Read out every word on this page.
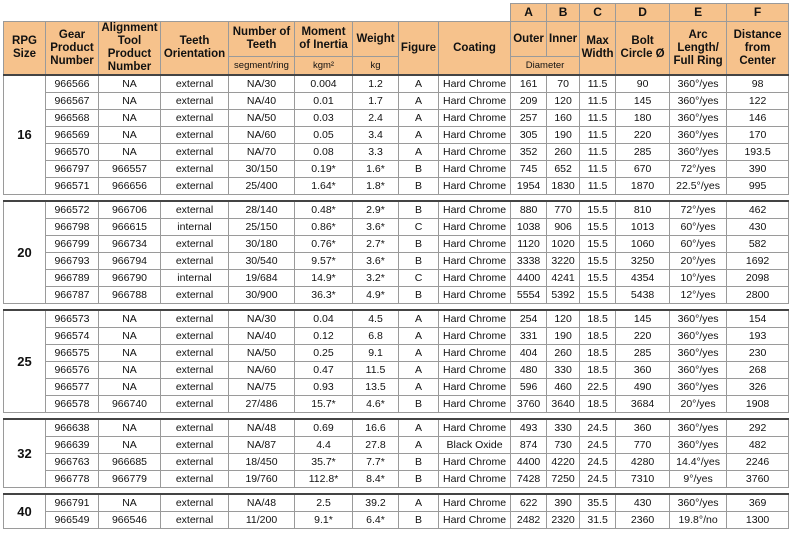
									A	B	C	D	E	F
RPG Size	Gear Product Number	Alignment Tool Product Number	Teeth Orientation	Number of Teeth	Moment of Inertia	Weight	Figure	Coating	Outer	Inner	Max Width	Bolt Circle Ø	Arc Length/ Full Ring	Distance from Center
				segment/ring	kgm²	kg			Diameter					
16	966566	NA	external	NA/30	0.004	1.2	A	Hard Chrome	161	70	11.5	90	360°/yes	98
	966567	NA	external	NA/40	0.01	1.7	A	Hard Chrome	209	120	11.5	145	360°/yes	122
	966568	NA	external	NA/50	0.03	2.4	A	Hard Chrome	257	160	11.5	180	360°/yes	146
	966569	NA	external	NA/60	0.05	3.4	A	Hard Chrome	305	190	11.5	220	360°/yes	170
	966570	NA	external	NA/70	0.08	3.3	A	Hard Chrome	352	260	11.5	285	360°/yes	193.5
	966797	966557	external	30/150	0.19*	1.6*	B	Hard Chrome	745	652	11.5	670	72°/yes	390
	966571	966656	external	25/400	1.64*	1.8*	B	Hard Chrome	1954	1830	11.5	1870	22.5°/yes	995

20	966572	966706	external	28/140	0.48*	2.9*	B	Hard Chrome	880	770	15.5	810	72°/yes	462
	966798	966615	internal	25/150	0.86*	3.6*	C	Hard Chrome	1038	906	15.5	1013	60°/yes	430
	966799	966734	external	30/180	0.76*	2.7*	B	Hard Chrome	1120	1020	15.5	1060	60°/yes	582
	966793	966794	external	30/540	9.57*	3.6*	B	Hard Chrome	3338	3220	15.5	3250	20°/yes	1692
	966789	966790	internal	19/684	14.9*	3.2*	C	Hard Chrome	4400	4241	15.5	4354	10°/yes	2098
	966787	966788	external	30/900	36.3*	4.9*	B	Hard Chrome	5554	5392	15.5	5438	12°/yes	2800

25	966573	NA	external	NA/30	0.04	4.5	A	Hard Chrome	254	120	18.5	145	360°/yes	154
	966574	NA	external	NA/40	0.12	6.8	A	Hard Chrome	331	190	18.5	220	360°/yes	193
	966575	NA	external	NA/50	0.25	9.1	A	Hard Chrome	404	260	18.5	285	360°/yes	230
	966576	NA	external	NA/60	0.47	11.5	A	Hard Chrome	480	330	18.5	360	360°/yes	268
	966577	NA	external	NA/75	0.93	13.5	A	Hard Chrome	596	460	22.5	490	360°/yes	326
	966578	966740	external	27/486	15.7*	4.6*	B	Hard Chrome	3760	3640	18.5	3684	20°/yes	1908

32	966638	NA	external	NA/48	0.69	16.6	A	Hard Chrome	493	330	24.5	360	360°/yes	292
	966639	NA	external	NA/87	4.4	27.8	A	Black Oxide	874	730	24.5	770	360°/yes	482
	966763	966685	external	18/450	35.7*	7.7*	B	Hard Chrome	4400	4220	24.5	4280	14.4°/yes	2246
	966778	966779	external	19/760	112.8*	8.4*	B	Hard Chrome	7428	7250	24.5	7310	9°/yes	3760

40	966791	NA	external	NA/48	2.5	39.2	A	Hard Chrome	622	390	35.5	430	360°/yes	369
	966549	966546	external	11/200	9.1*	6.4*	B	Hard Chrome	2482	2320	31.5	2360	19.8°/no	1300
